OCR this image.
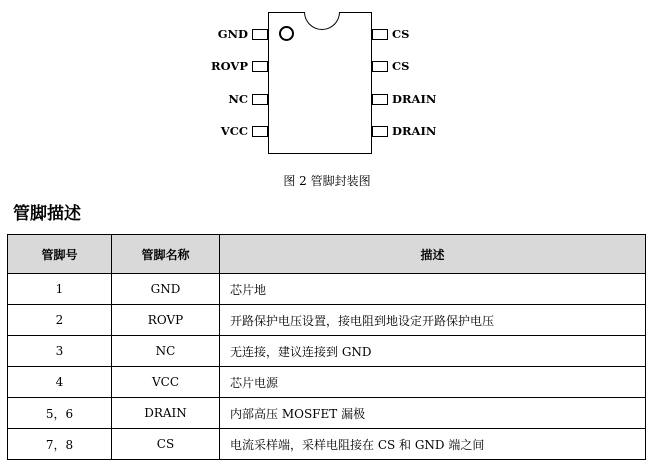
GND
ROVP
NC
VCC
CS
CS
DRAIN
DRAIN
图 2 管脚封装图
管脚描述
管脚号	管脚名称	描述
1	GND	芯片地
2	ROVP	开路保护电压设置，接电阻到地设定开路保护电压
3	NC	无连接，建议连接到 GND
4	VCC	芯片电源
5，6	DRAIN	内部高压 MOSFET 漏极
7，8	CS	电流采样端，采样电阻接在 CS 和 GND 端之间
